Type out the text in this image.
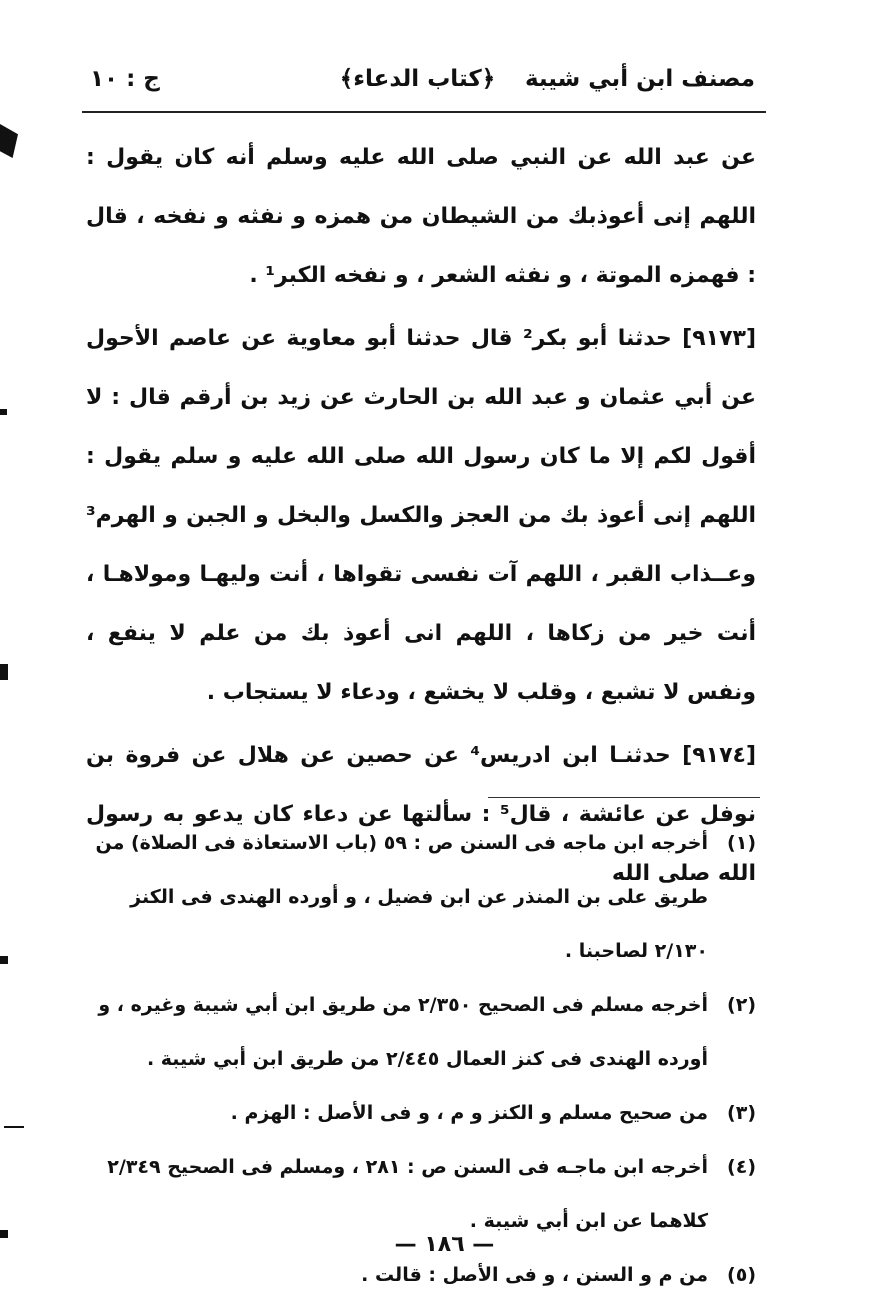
مصنف ابن أبي شيبة
﴿كتاب الدعاء﴾
ج : ١٠

عن عبد الله عن النبي صلى الله عليه وسلم أنه كان يقول : اللهم إنى أعوذبك من الشيطان من همزه و نفثه و نفخه ، قال : فهمزه الموتة ، و نفثه الشعر ، و نفخه الكبر¹ .

[٩١٧٣] حدثنا أبو بكر² قال حدثنا أبو معاوية عن عاصم الأحول عن أبي عثمان و عبد الله بن الحارث عن زيد بن أرقم قال : لا أقول لكم إلا ما كان رسول الله صلى الله عليه و سلم يقول : اللهم إنى أعوذ بك من العجز والكسل والبخل و الجبن و الهرم³ وعــذاب القبر ، اللهم آت نفسى تقواها ، أنت وليهـا ومولاهـا ، أنت خير من زكاها ، اللهم انى أعوذ بك من علم لا ينفع ، ونفس لا تشبع ، وقلب لا يخشع ، ودعاء لا يستجاب .

[٩١٧٤] حدثنـا ابن ادريس⁴ عن حصين عن هلال عن فروة بن نوفل عن عائشة ، قال⁵ : سألتها عن دعاء كان يدعو به رسول الله صلى الله

(١)
أخرجه ابن ماجه فى السنن ص : ٥٩ (باب الاستعاذة فى الصلاة) من طريق على بن المنذر عن ابن فضيل ، و أورده الهندى فى الكنز ٢/١٣٠ لصاحبنا .
(٢)
أخرجه مسلم فى الصحيح ٢/٣٥٠ من طريق ابن أبي شيبة وغيره ، و أورده الهندى فى كنز العمال ٢/٤٤٥ من طريق ابن أبي شيبة .
(٣)
من صحيح مسلم و الكنز و م ، و فى الأصل : الهزم .
(٤)
أخرجه ابن ماجـه فى السنن ص : ٢٨١ ، ومسلم فى الصحيح ٢/٣٤٩ كلاهما عن ابن أبي شيبة .
(٥)
من م و السنن ، و فى الأصل : قالت .
— ١٨٦ —
